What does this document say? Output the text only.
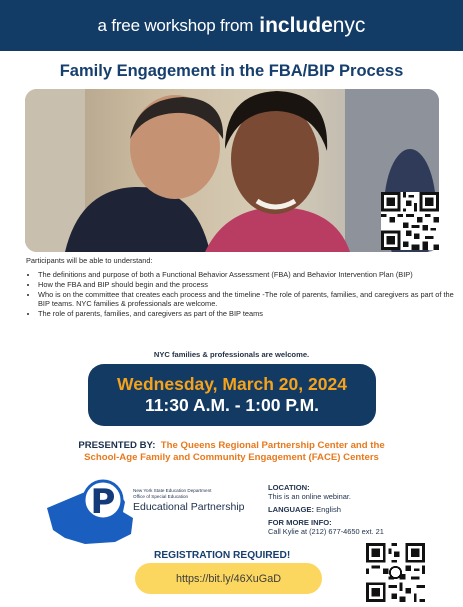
a free workshop from include nyc
Family Engagement in the FBA/BIP Process
Participants will be able to understand:
• The definitions and purpose of both a Functional Behavior Assessment (FBA) and Behavior Intervention Plan (BIP)
• How the FBA and BIP should begin and the process
• Who is on the committee that creates each process and the timeline -The role of parents, families, and caregivers as part of the BIP teams. NYC families & professionals are welcome.
• The role of parents, families, and caregivers as part of the BIP teams
NYC families & professionals are welcome.
Wednesday, March 20, 2024
11:30 A.M. - 1:00 P.M.
PRESENTED BY: The Queens Regional Partnership Center and the
School-Age Family and Community Engagement (FACE) Centers
P	New York State Education Department
Office of Special Education
Educational Partnership
LOCATION:
This is an online webinar.
LANGUAGE: English
FOR MORE INFO:
Call Kylie at (212) 677-4650 ext. 21
REGISTRATION REQUIRED!
https://bit.ly/46XuGaD
